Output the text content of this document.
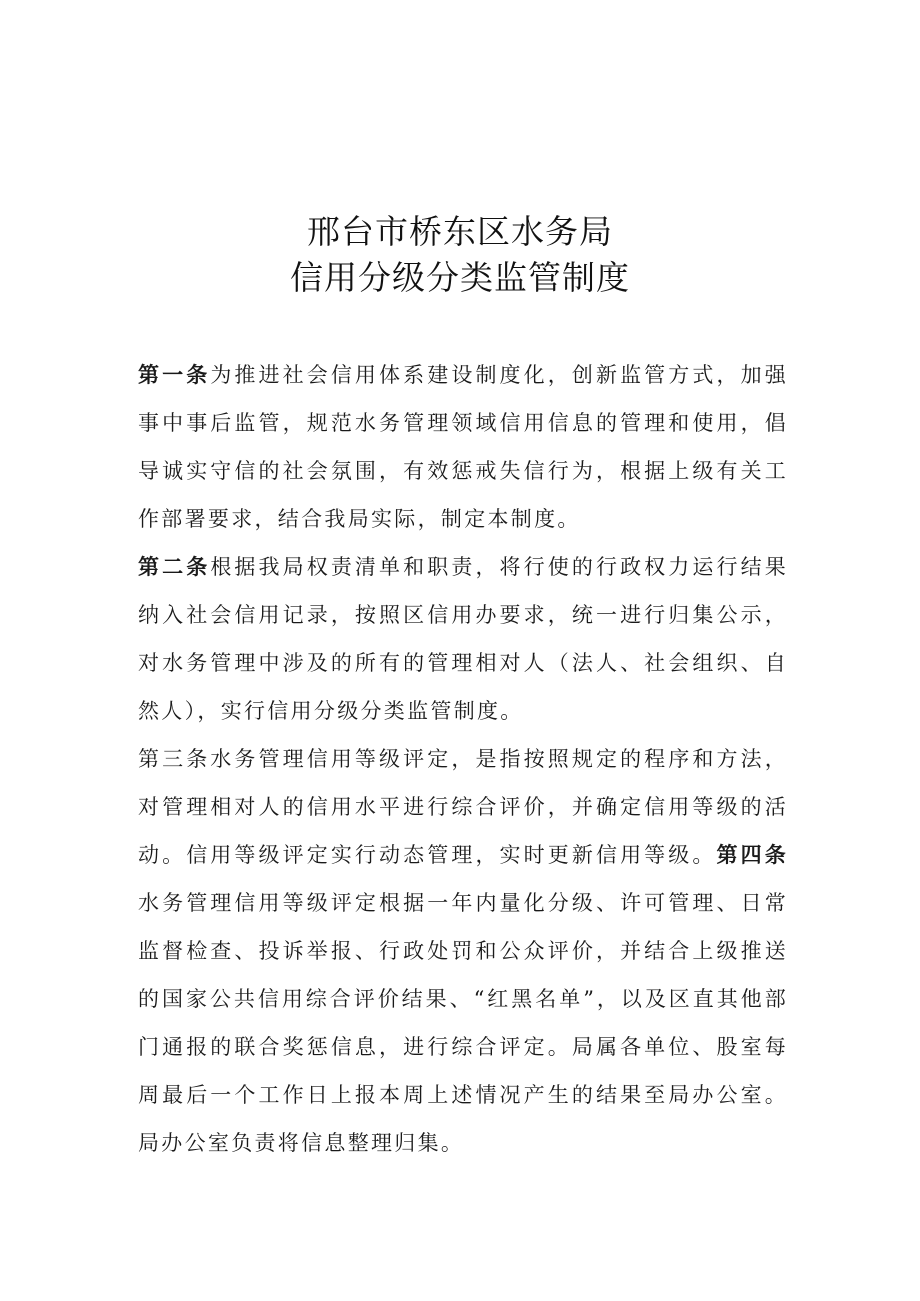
邢台市桥东区水务局
信用分级分类监管制度

第一条为推进社会信用体系建设制度化，创新监管方式，加强事中事后监管，规范水务管理领域信用信息的管理和使用，倡导诚实守信的社会氛围，有效惩戒失信行为，根据上级有关工作部署要求，结合我局实际，制定本制度。

第二条根据我局权责清单和职责，将行使的行政权力运行结果纳入社会信用记录，按照区信用办要求，统一进行归集公示，对水务管理中涉及的所有的管理相对人（法人、社会组织、自然人），实行信用分级分类监管制度。

第三条水务管理信用等级评定，是指按照规定的程序和方法，对管理相对人的信用水平进行综合评价，并确定信用等级的活动。信用等级评定实行动态管理，实时更新信用等级。第四条水务管理信用等级评定根据一年内量化分级、许可管理、日常监督检查、投诉举报、行政处罚和公众评价，并结合上级推送的国家公共信用综合评价结果、“红黑名单”，以及区直其他部门通报的联合奖惩信息，进行综合评定。局属各单位、股室每周最后一个工作日上报本周上述情况产生的结果至局办公室。局办公室负责将信息整理归集。
